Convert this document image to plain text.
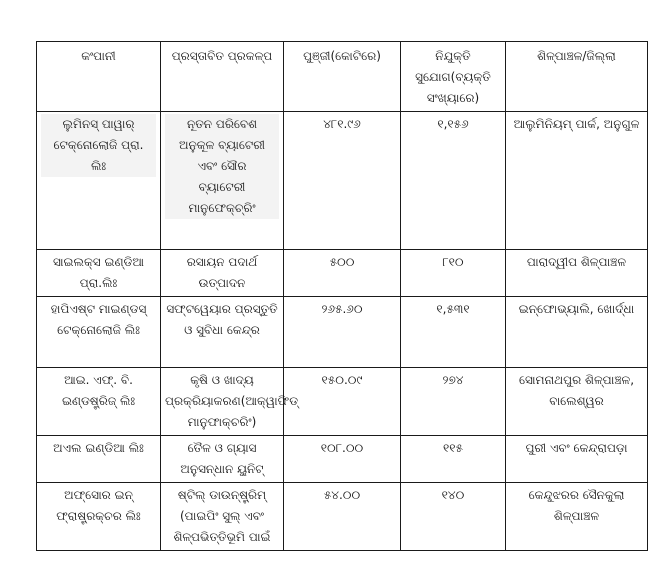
କଂପାନୀ	ପ୍ରସ୍ତାବିତ ପ୍ରକଳ୍ପ	ପୁଞ୍ଜୀ(କୋଟିରେ)	ନିଯୁକ୍ତି ସୁଯୋଗ(ବ୍ୟକ୍ତି ସଂଖ୍ୟାରେ)	ଶିଳ୍ପାଞ୍ଚଳ/ଜିଲ୍ଲା
ଲୁମିନସ୍ ପାୱାର୍ ଟେକ୍ନୋଲୋଜି ପ୍ରା. ଲିଃ	ନୂତନ ପରିବେଶ ଅନୁକୂଳ ବ୍ୟାଟେରୀ ଏବଂ ସୌର ବ୍ୟାଟେରୀ ମାନୁଫେକ୍ଚ୍ରିଂ	୪୮୧.୯୬	୧,୧୫୬	ଆଲୁମିନିୟମ୍ ପାର୍କ, ଅନୁଗୁଳ
ସାଇଲକ୍ସ ଇଣ୍ଡିଆ ପ୍ରା.ଲିଃ	ରସାୟନ ପଦାର୍ଥ ଉତ୍ପାଦନ	୫୦୦	୮୧୦	ପାରାଦ୍ୱୀପ ଶିଳ୍ପାଞ୍ଚଳ
ହାପିଏଷ୍ଟ ମାଇଣ୍ଡସ୍ ଟେକ୍ନୋଲୋଜି ଲିଃ	ସଫ୍ଟୱେୟାର ପ୍ରସ୍ତୁତି ଓ ସୁବିଧା କେନ୍ଦ୍ର	୨୬୫.୬୦	୧,୫୩୧	ଇନ୍‌ଫୋଭ୍ୟାଲି, ଖୋର୍ଦ୍ଧା
ଆଇ. ଏଫ୍. ବି. ଇଣ୍ଡଷ୍ଟ୍ରିଜ୍ ଲିଃ	କୃଷି ଓ ଖାଦ୍ୟ ପ୍ରକ୍ରିୟାକରଣ(ଆକ୍ୱାଫିଡ୍ ମାନୁଫାକ୍ଚରିଂ)	୧୫୦.୦୯	୨୭୪	ସୋମନାଥପୁର ଶିଳ୍ପାଞ୍ଚଳ, ବାଲେଶ୍ୱର
ଅଏଲ ଇଣ୍ଡିଆ ଲିଃ	ତୈଳ ଓ ଗ୍ୟାସ ଅନୁସନ୍ଧାନ ୟୁନିଟ୍	୧୦୮.୦୦	୧୧୫	ପୁରୀ ଏବଂ କେନ୍ଦ୍ରାପଡ଼ା
ଅଫ୍‌ସୋର ଇନ୍ ଫ୍ରାଷ୍ଟ୍ରକ୍ଚର ଲିଃ	ଷ୍ଟିଲ୍ ଡାଉନ୍‌ଷ୍ଟ୍ରିମ୍ (ପାଇପିଂ ସୁଲ୍ ଏବଂ ଶିଳ୍ପଭିତ୍ତିଭୂମି ପାଇଁ	୫୪.୦୦	୧୪୦	କେନ୍ଦୁଝରର ସୈନକୁଲା ଶିଳ୍ପାଞ୍ଚଳ
